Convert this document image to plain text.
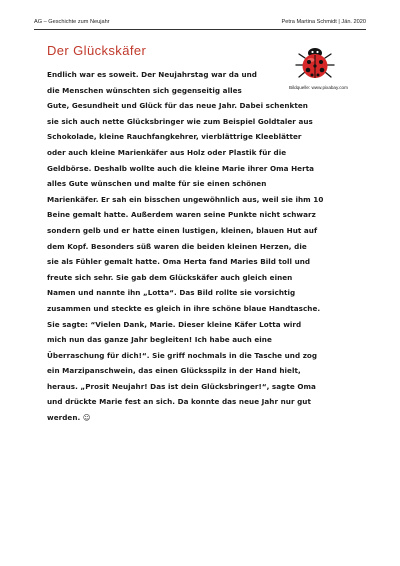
AG – Geschichte zum Neujahr	Petra Martina Schmidt | Jän. 2020
Der Glückskäfer
Bildquelle: www.pixabay.com
Endlich war es soweit. Der Neujahrstag war da und
die Menschen wünschten sich gegenseitig alles
Gute, Gesundheit und Glück für das neue Jahr. Dabei schenkten
sie sich auch nette Glücksbringer wie zum Beispiel Goldtaler aus
Schokolade, kleine Rauchfangkehrer, vierblättrige Kleeblätter
oder auch kleine Marienkäfer aus Holz oder Plastik für die
Geldbörse. Deshalb wollte auch die kleine Marie ihrer Oma Herta
alles Gute wünschen und malte für sie einen schönen
Marienkäfer. Er sah ein bisschen ungewöhnlich aus, weil sie ihm 10
Beine gemalt hatte. Außerdem waren seine Punkte nicht schwarz
sondern gelb und er hatte einen lustigen, kleinen, blauen Hut auf
dem Kopf. Besonders süß waren die beiden kleinen Herzen, die
sie als Fühler gemalt hatte. Oma Herta fand Maries Bild toll und
freute sich sehr. Sie gab dem Glückskäfer auch gleich einen
Namen und nannte ihn „Lotta“. Das Bild rollte sie vorsichtig
zusammen und steckte es gleich in ihre schöne blaue Handtasche.
Sie sagte: “Vielen Dank, Marie. Dieser kleine Käfer Lotta wird
mich nun das ganze Jahr begleiten! Ich habe auch eine
Überraschung für dich!“. Sie griff nochmals in die Tasche und zog
ein Marzipanschwein, das einen Glücksspilz in der Hand hielt,
heraus. „Prosit Neujahr! Das ist dein Glücksbringer!“, sagte Oma
und drückte Marie fest an sich. Da konnte das neue Jahr nur gut
werden. ☺
